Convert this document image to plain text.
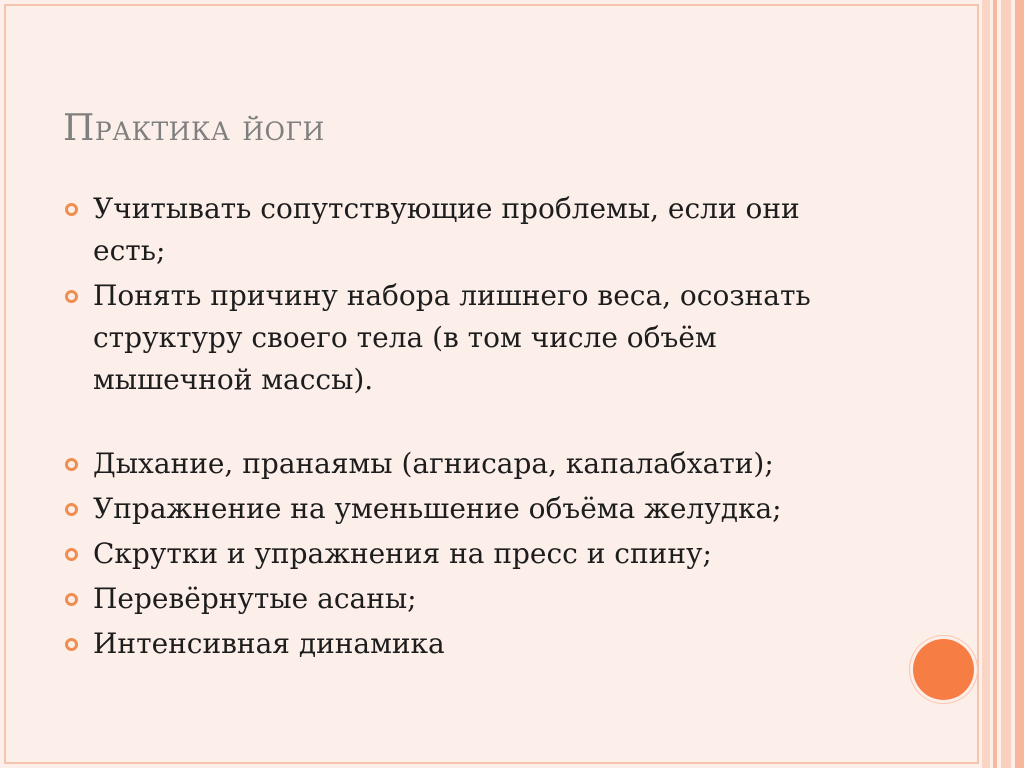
Практика йоги
Учитывать сопутствующие проблемы, если они есть;
Понять причину набора лишнего веса, осознать структуру своего тела (в том числе объём мышечной массы).
Дыхание, пранаямы (агнисара, капалабхати);
Упражнение на уменьшение объёма желудка;
Скрутки и упражнения на пресс и спину;
Перевёрнутые асаны;
Интенсивная динамика
